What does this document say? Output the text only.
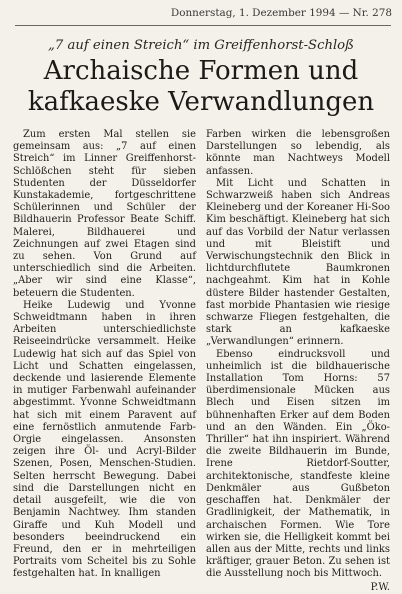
Donnerstag, 1. Dezember 1994 — Nr. 278
„7 auf einen Streich“ im Greiffenhorst-Schloß
Archaische Formen und
kafkaeske Verwandlungen

Zum ersten Mal stellen sie gemeinsam aus: „7 auf einen Streich“ im Linner Greiffenhorst-Schlößchen steht für sieben Studenten der Düsseldorfer Kunstakademie, fortgeschrittene Schülerinnen und Schüler der Bildhauerin Professor Beate Schiff. Malerei, Bildhauerei und Zeichnungen auf zwei Etagen sind zu sehen. Von Grund auf unterschiedlich sind die Arbeiten. „Aber wir sind eine Klasse“, beteuern die Studenten.

Heike Ludewig und Yvonne Schweidtmann haben in ihren Arbeiten unterschiedlichste Reiseeindrücke versammelt. Heike Ludewig hat sich auf das Spiel von Licht und Schatten eingelassen, deckende und lasierende Elemente in mutiger Farbenwahl aufeinander abgestimmt. Yvonne Schweidtmann hat sich mit einem Paravent auf eine fernöstlich anmutende Farb-Orgie eingelassen. Ansonsten zeigen ihre Öl- und Acryl-Bilder Szenen, Posen, Menschen-Studien. Selten herrscht Bewegung. Dabei sind die Darstellungen nicht en detail ausgefeilt, wie die von Benjamin Nachtwey. Ihm standen Giraffe und Kuh Modell und besonders beeindruckend ein Freund, den er in mehrteiligen Portraits vom Scheitel bis zu Sohle festgehalten hat. In knalligen

Farben wirken die lebensgroßen Darstellungen so lebendig, als könnte man Nachtweys Modell anfassen.

Mit Licht und Schatten in Schwarzweiß haben sich Andreas Kleineberg und der Koreaner Hi-Soo Kim beschäftigt. Kleineberg hat sich auf das Vorbild der Natur verlassen und mit Bleistift und Verwischungstechnik den Blick in lichtdurchflutete Baumkronen nachgeahmt. Kim hat in Kohle düstere Bilder hastender Gestalten, fast morbide Phantasien wie riesige schwarze Fliegen festgehalten, die stark an kafkaeske „Verwandlungen“ erinnern.

Ebenso eindrucksvoll und unheimlich ist die bildhauerische Installation Tom Horns: 57 überdimensionale Mücken aus Blech und Eisen sitzen im bühnenhaften Erker auf dem Boden und an den Wänden. Ein „Öko-Thriller“ hat ihn inspiriert. Während die zweite Bildhauerin im Bunde, Irene Rietdorf-Soutter, architektonische, standfeste kleine Denkmäler aus Gußbeton geschaffen hat. Denkmäler der Gradlinigkeit, der Mathematik, in archaischen Formen. Wie Tore wirken sie, die Helligkeit kommt bei allen aus der Mitte, rechts und links kräftiger, grauer Beton. Zu sehen ist die Ausstellung noch bis Mittwoch.

P.W.
